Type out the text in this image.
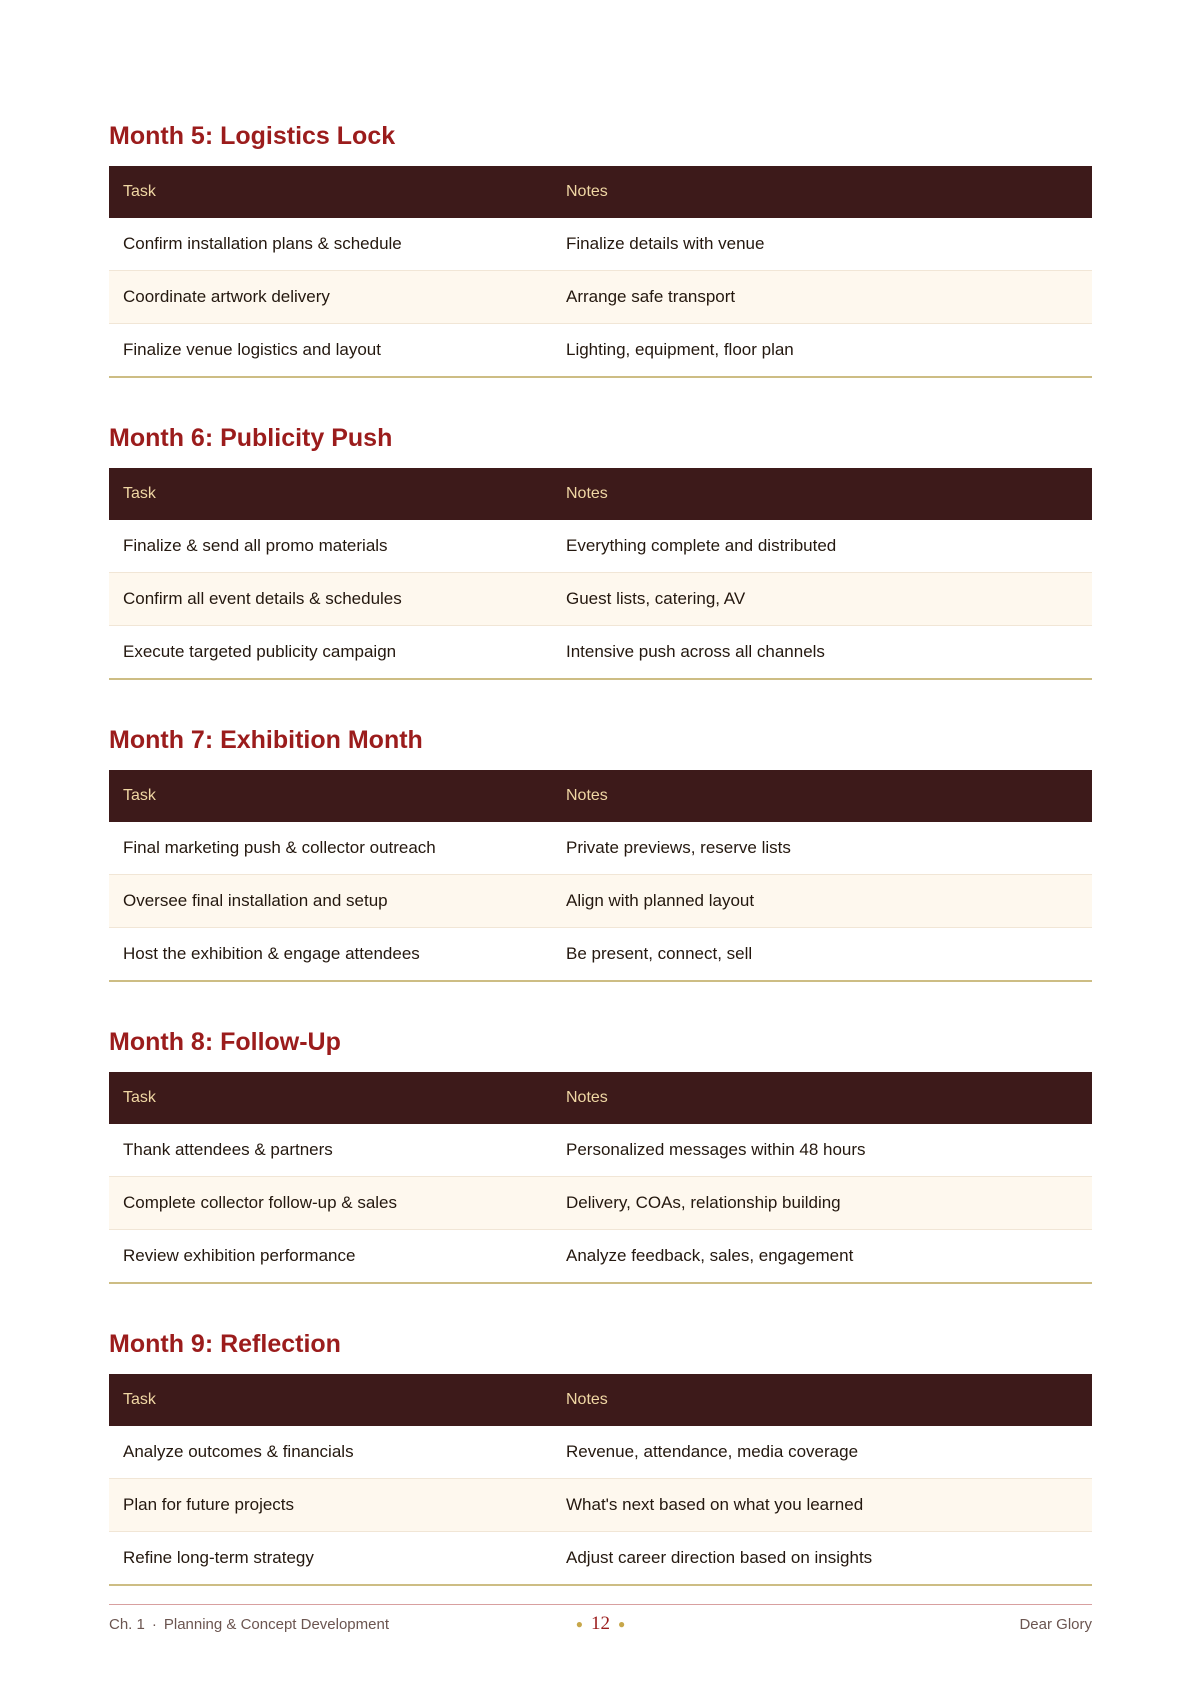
Month 5: Logistics Lock
Task	Notes
Confirm installation plans & schedule	Finalize details with venue
Coordinate artwork delivery	Arrange safe transport
Finalize venue logistics and layout	Lighting, equipment, floor plan
Month 6: Publicity Push
Task	Notes
Finalize & send all promo materials	Everything complete and distributed
Confirm all event details & schedules	Guest lists, catering, AV
Execute targeted publicity campaign	Intensive push across all channels
Month 7: Exhibition Month
Task	Notes
Final marketing push & collector outreach	Private previews, reserve lists
Oversee final installation and setup	Align with planned layout
Host the exhibition & engage attendees	Be present, connect, sell
Month 8: Follow-Up
Task	Notes
Thank attendees & partners	Personalized messages within 48 hours
Complete collector follow-up & sales	Delivery, COAs, relationship building
Review exhibition performance	Analyze feedback, sales, engagement
Month 9: Reflection
Task	Notes
Analyze outcomes & financials	Revenue, attendance, media coverage
Plan for future projects	What's next based on what you learned
Refine long-term strategy	Adjust career direction based on insights
Ch. 1 · Planning & Concept Development	● 12 ●	Dear Glory
